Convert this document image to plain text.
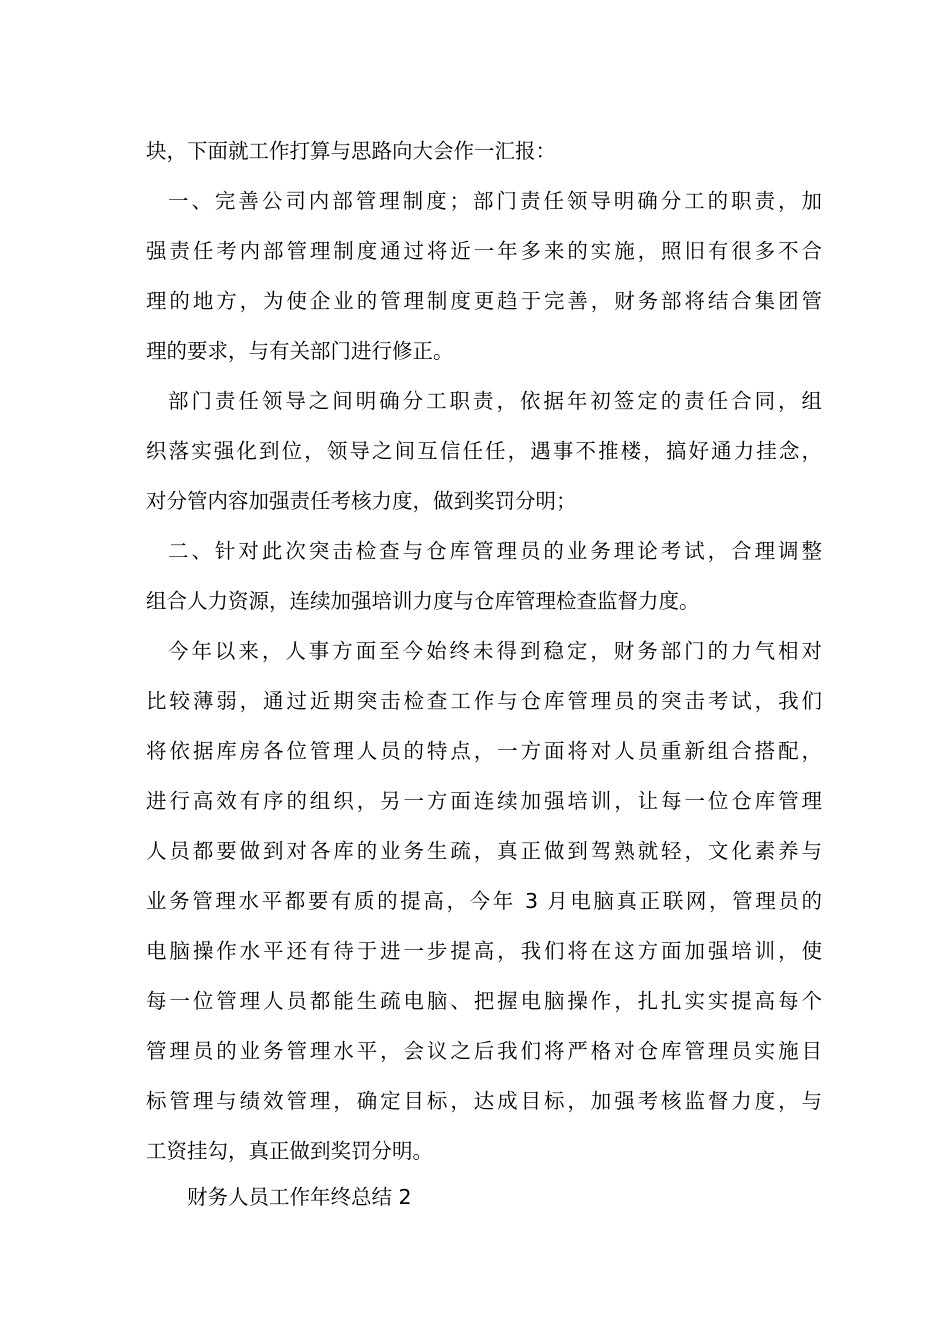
块，下面就工作打算与思路向大会作一汇报：
一、完善公司内部管理制度；部门责任领导明确分工的职责，加
强责任考内部管理制度通过将近一年多来的实施，照旧有很多不合
理的地方，为使企业的管理制度更趋于完善，财务部将结合集团管
理的要求，与有关部门进行修正。
部门责任领导之间明确分工职责，依据年初签定的责任合同，组
织落实强化到位，领导之间互信任任，遇事不推楼，搞好通力挂念，
对分管内容加强责任考核力度，做到奖罚分明；
二、针对此次突击检查与仓库管理员的业务理论考试，合理调整
组合人力资源，连续加强培训力度与仓库管理检查监督力度。
今年以来，人事方面至今始终未得到稳定，财务部门的力气相对
比较薄弱，通过近期突击检查工作与仓库管理员的突击考试，我们
将依据库房各位管理人员的特点，一方面将对人员重新组合搭配，
进行高效有序的组织，另一方面连续加强培训，让每一位仓库管理
人员都要做到对各库的业务生疏，真正做到驾熟就轻，文化素养与
业务管理水平都要有质的提高，今年 3 月电脑真正联网，管理员的
电脑操作水平还有待于进一步提高，我们将在这方面加强培训，使
每一位管理人员都能生疏电脑、把握电脑操作，扎扎实实提高每个
管理员的业务管理水平，会议之后我们将严格对仓库管理员实施目
标管理与绩效管理，确定目标，达成目标，加强考核监督力度，与
工资挂勾，真正做到奖罚分明。
财务人员工作年终总结 2
